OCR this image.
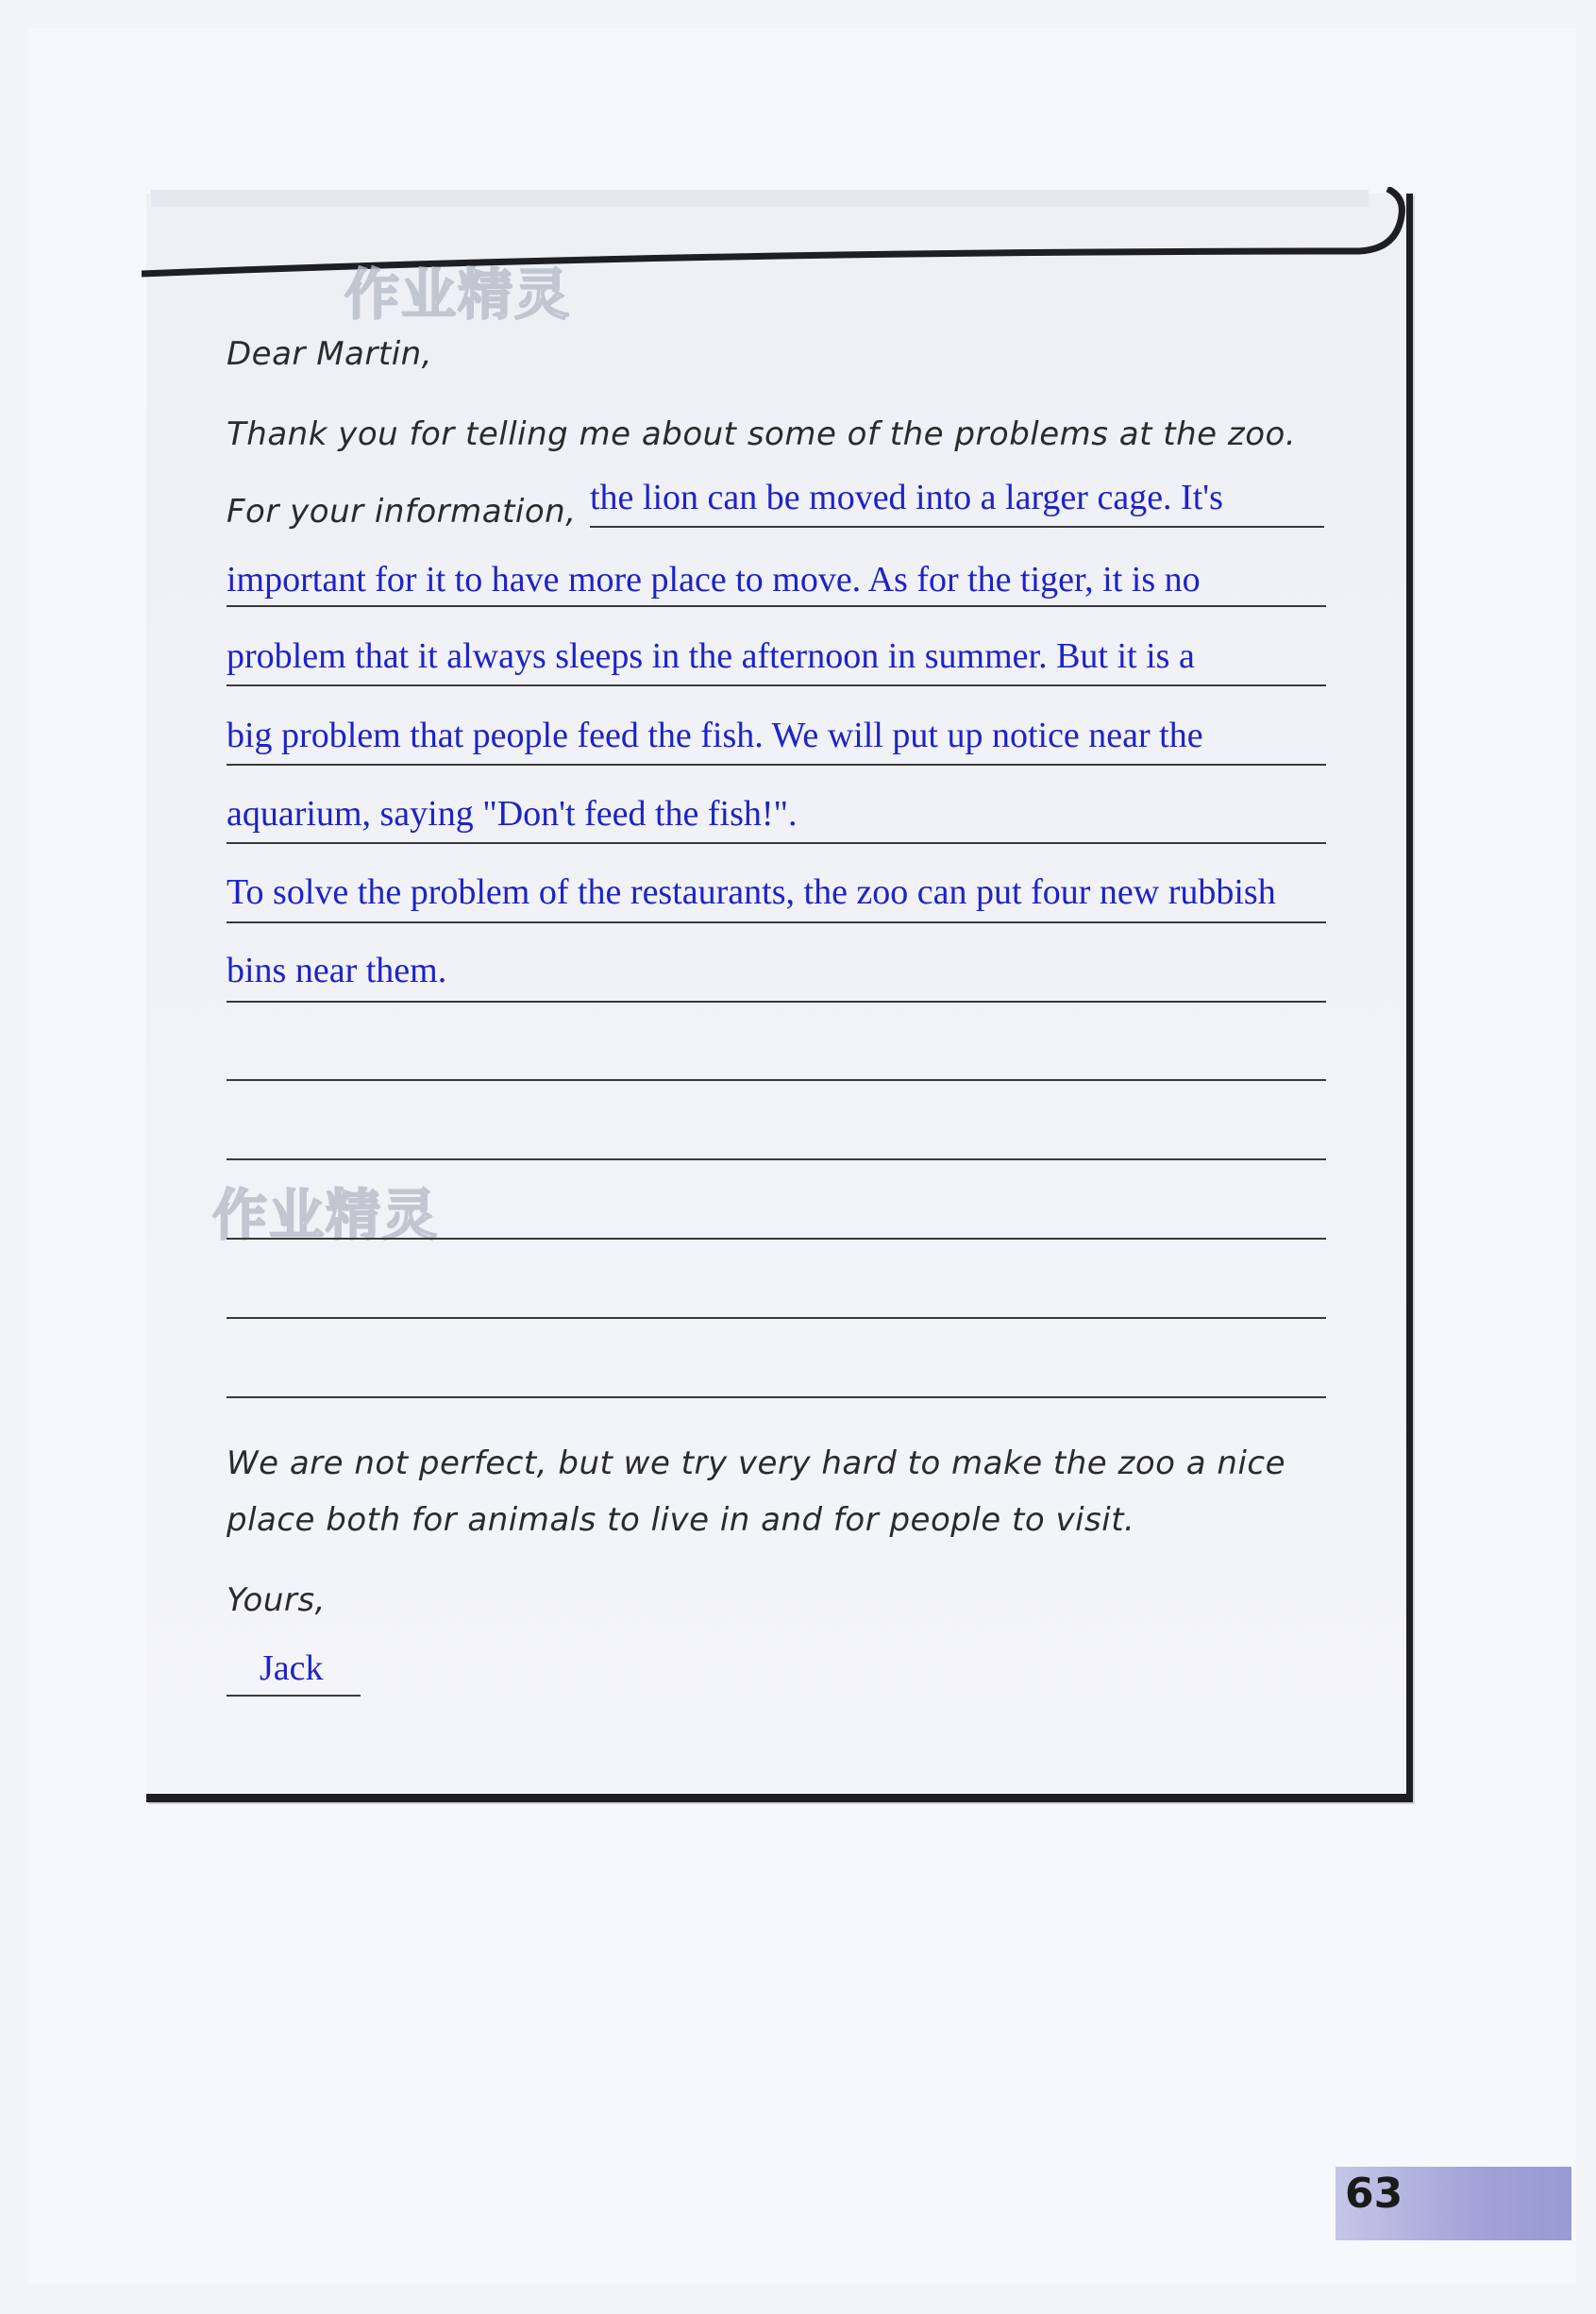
作业精灵
作业精灵
Dear Martin,
Thank you for telling me about some of the problems at the zoo.
For your information, the lion can be moved into a larger cage. It's
important for it to have more place to move. As for the tiger, it is no
problem that it always sleeps in the afternoon in summer. But it is a
big problem that people feed the fish. We will put up notice near the
aquarium, saying "Don't feed the fish!".
To solve the problem of the restaurants, the zoo can put four new rubbish
bins near them.
We are not perfect, but we try very hard to make the zoo a nice
place both for animals to live in and for people to visit.
Yours,
Jack
63
